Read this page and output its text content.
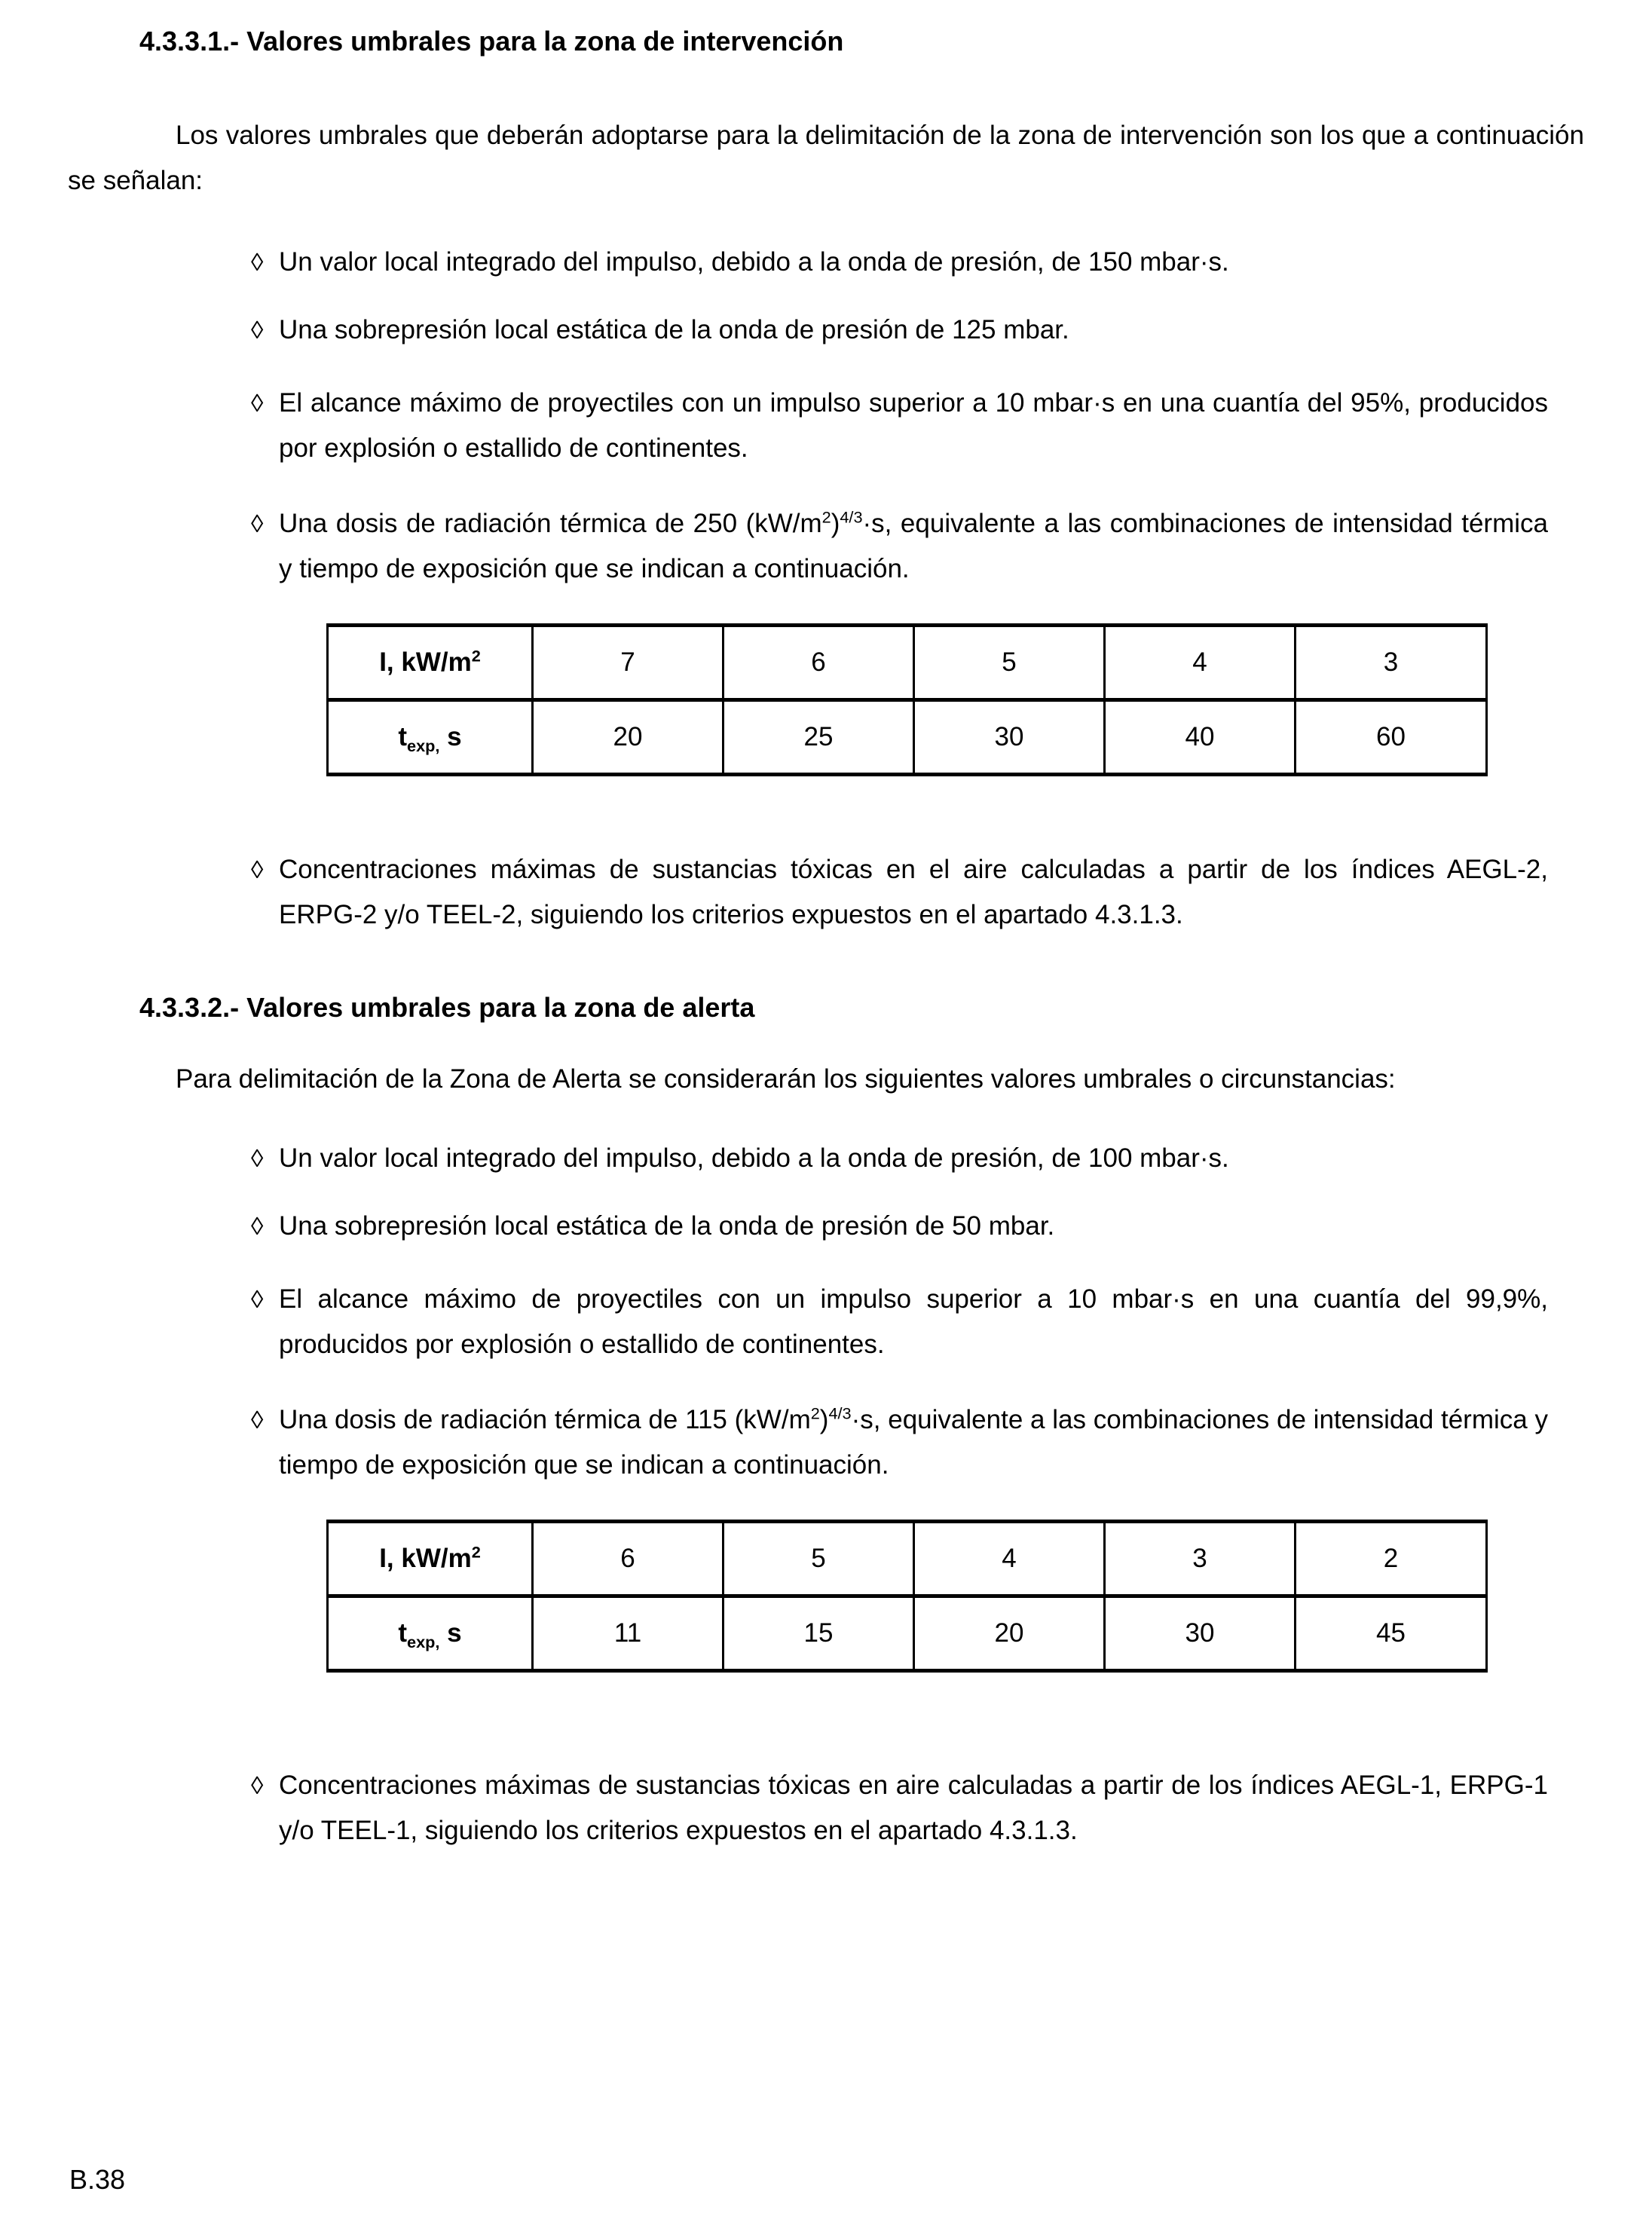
4.3.3.1.- Valores umbrales para la zona de intervención

Los valores umbrales que deberán adoptarse para la delimitación de la zona de intervención son los que a continuación se señalan:

◊ Un valor local integrado del impulso, debido a la onda de presión, de 150 mbar·s.
◊ Una sobrepresión local estática de la onda de presión de 125 mbar.
◊ El alcance máximo de proyectiles con un impulso superior a 10 mbar·s en una cuantía del 95%, producidos por explosión o estallido de continentes.
◊ Una dosis de radiación térmica de 250 $(kW/m^2)^{4/3}\cdot s$, equivalente a las combinaciones de intensidad térmica y tiempo de exposición que se indican a continuación.
I, $kW/m^2$	7	6	5	4	3
$t_{exp,}$ s	20	25	30	40	60
◊ Concentraciones máximas de sustancias tóxicas en el aire calculadas a partir de los índices AEGL-2, ERPG-2 y/o TEEL-2, siguiendo los criterios expuestos en el apartado 4.3.1.3.
4.3.3.2.- Valores umbrales para la zona de alerta

Para delimitación de la Zona de Alerta se considerarán los siguientes valores umbrales o circunstancias:

◊ Un valor local integrado del impulso, debido a la onda de presión, de 100 mbar·s.
◊ Una sobrepresión local estática de la onda de presión de 50 mbar.
◊ El alcance máximo de proyectiles con un impulso superior a 10 mbar·s en una cuantía del 99,9%, producidos por explosión o estallido de continentes.
◊ Una dosis de radiación térmica de 115 $(kW/m^2)^{4/3}\cdot s$, equivalente a las combinaciones de intensidad térmica y tiempo de exposición que se indican a continuación.
I, $kW/m^2$	6	5	4	3	2
$t_{exp,}$ s	11	15	20	30	45
◊ Concentraciones máximas de sustancias tóxicas en aire calculadas a partir de los índices AEGL-1, ERPG-1 y/o TEEL-1, siguiendo los criterios expuestos en el apartado 4.3.1.3.
B.38
